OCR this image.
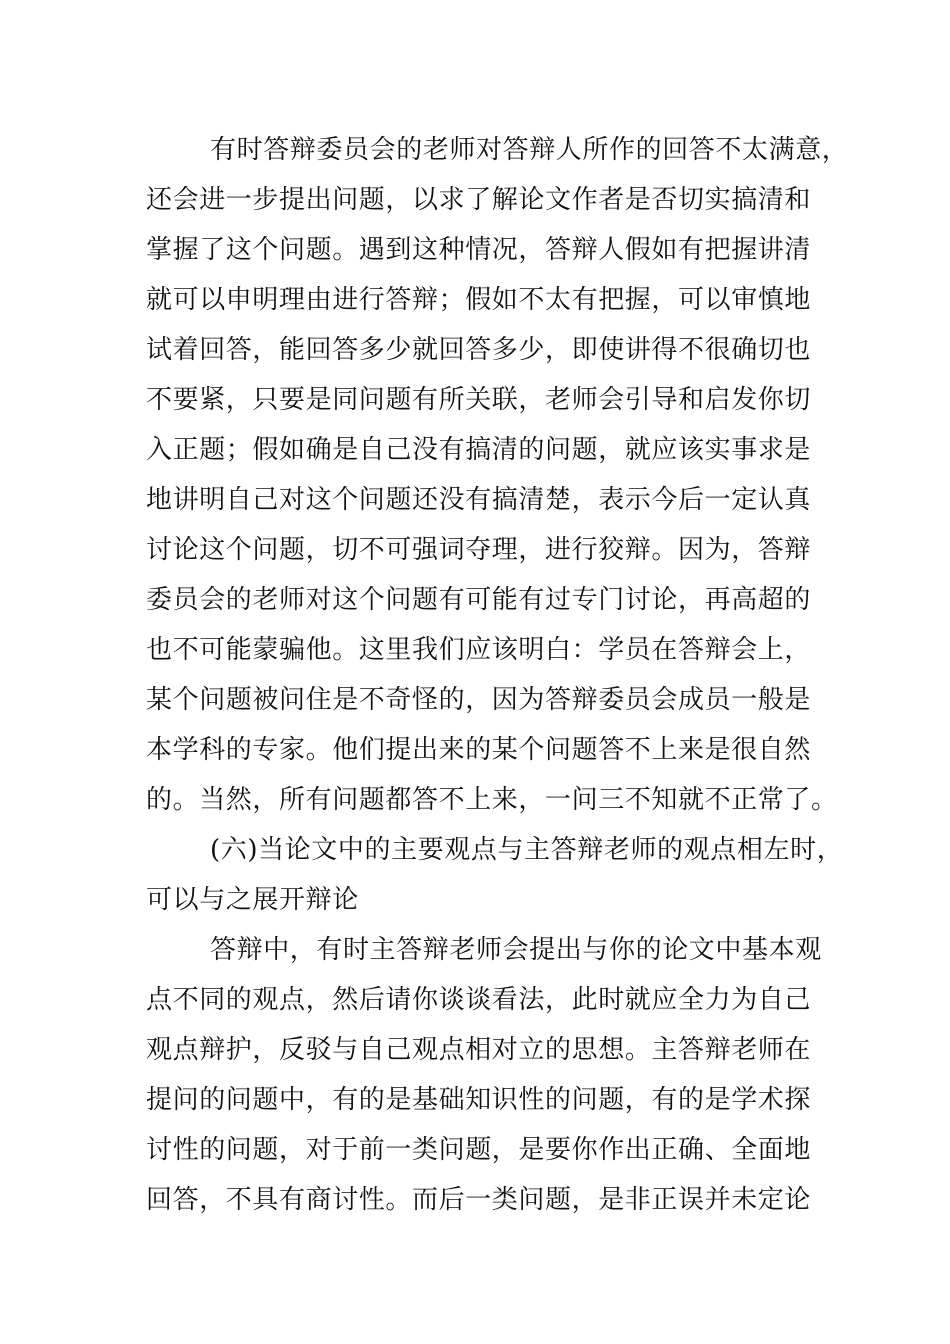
有时答辩委员会的老师对答辩人所作的回答不太满意，

还会进一步提出问题，以求了解论文作者是否切实搞清和

掌握了这个问题。遇到这种情况，答辩人假如有把握讲清

就可以申明理由进行答辩；假如不太有把握，可以审慎地

试着回答，能回答多少就回答多少，即使讲得不很确切也

不要紧，只要是同问题有所关联，老师会引导和启发你切

入正题；假如确是自己没有搞清的问题，就应该实事求是

地讲明自己对这个问题还没有搞清楚，表示今后一定认真

讨论这个问题，切不可强词夺理，进行狡辩。因为，答辩

委员会的老师对这个问题有可能有过专门讨论，再高超的

也不可能蒙骗他。这里我们应该明白：学员在答辩会上，

某个问题被问住是不奇怪的，因为答辩委员会成员一般是

本学科的专家。他们提出来的某个问题答不上来是很自然

的。当然，所有问题都答不上来，一问三不知就不正常了。

(六)当论文中的主要观点与主答辩老师的观点相左时，

可以与之展开辩论

答辩中，有时主答辩老师会提出与你的论文中基本观

点不同的观点，然后请你谈谈看法，此时就应全力为自己

观点辩护，反驳与自己观点相对立的思想。主答辩老师在

提问的问题中，有的是基础知识性的问题，有的是学术探

讨性的问题，对于前一类问题，是要你作出正确、全面地

回答，不具有商讨性。而后一类问题，是非正误并未定论
